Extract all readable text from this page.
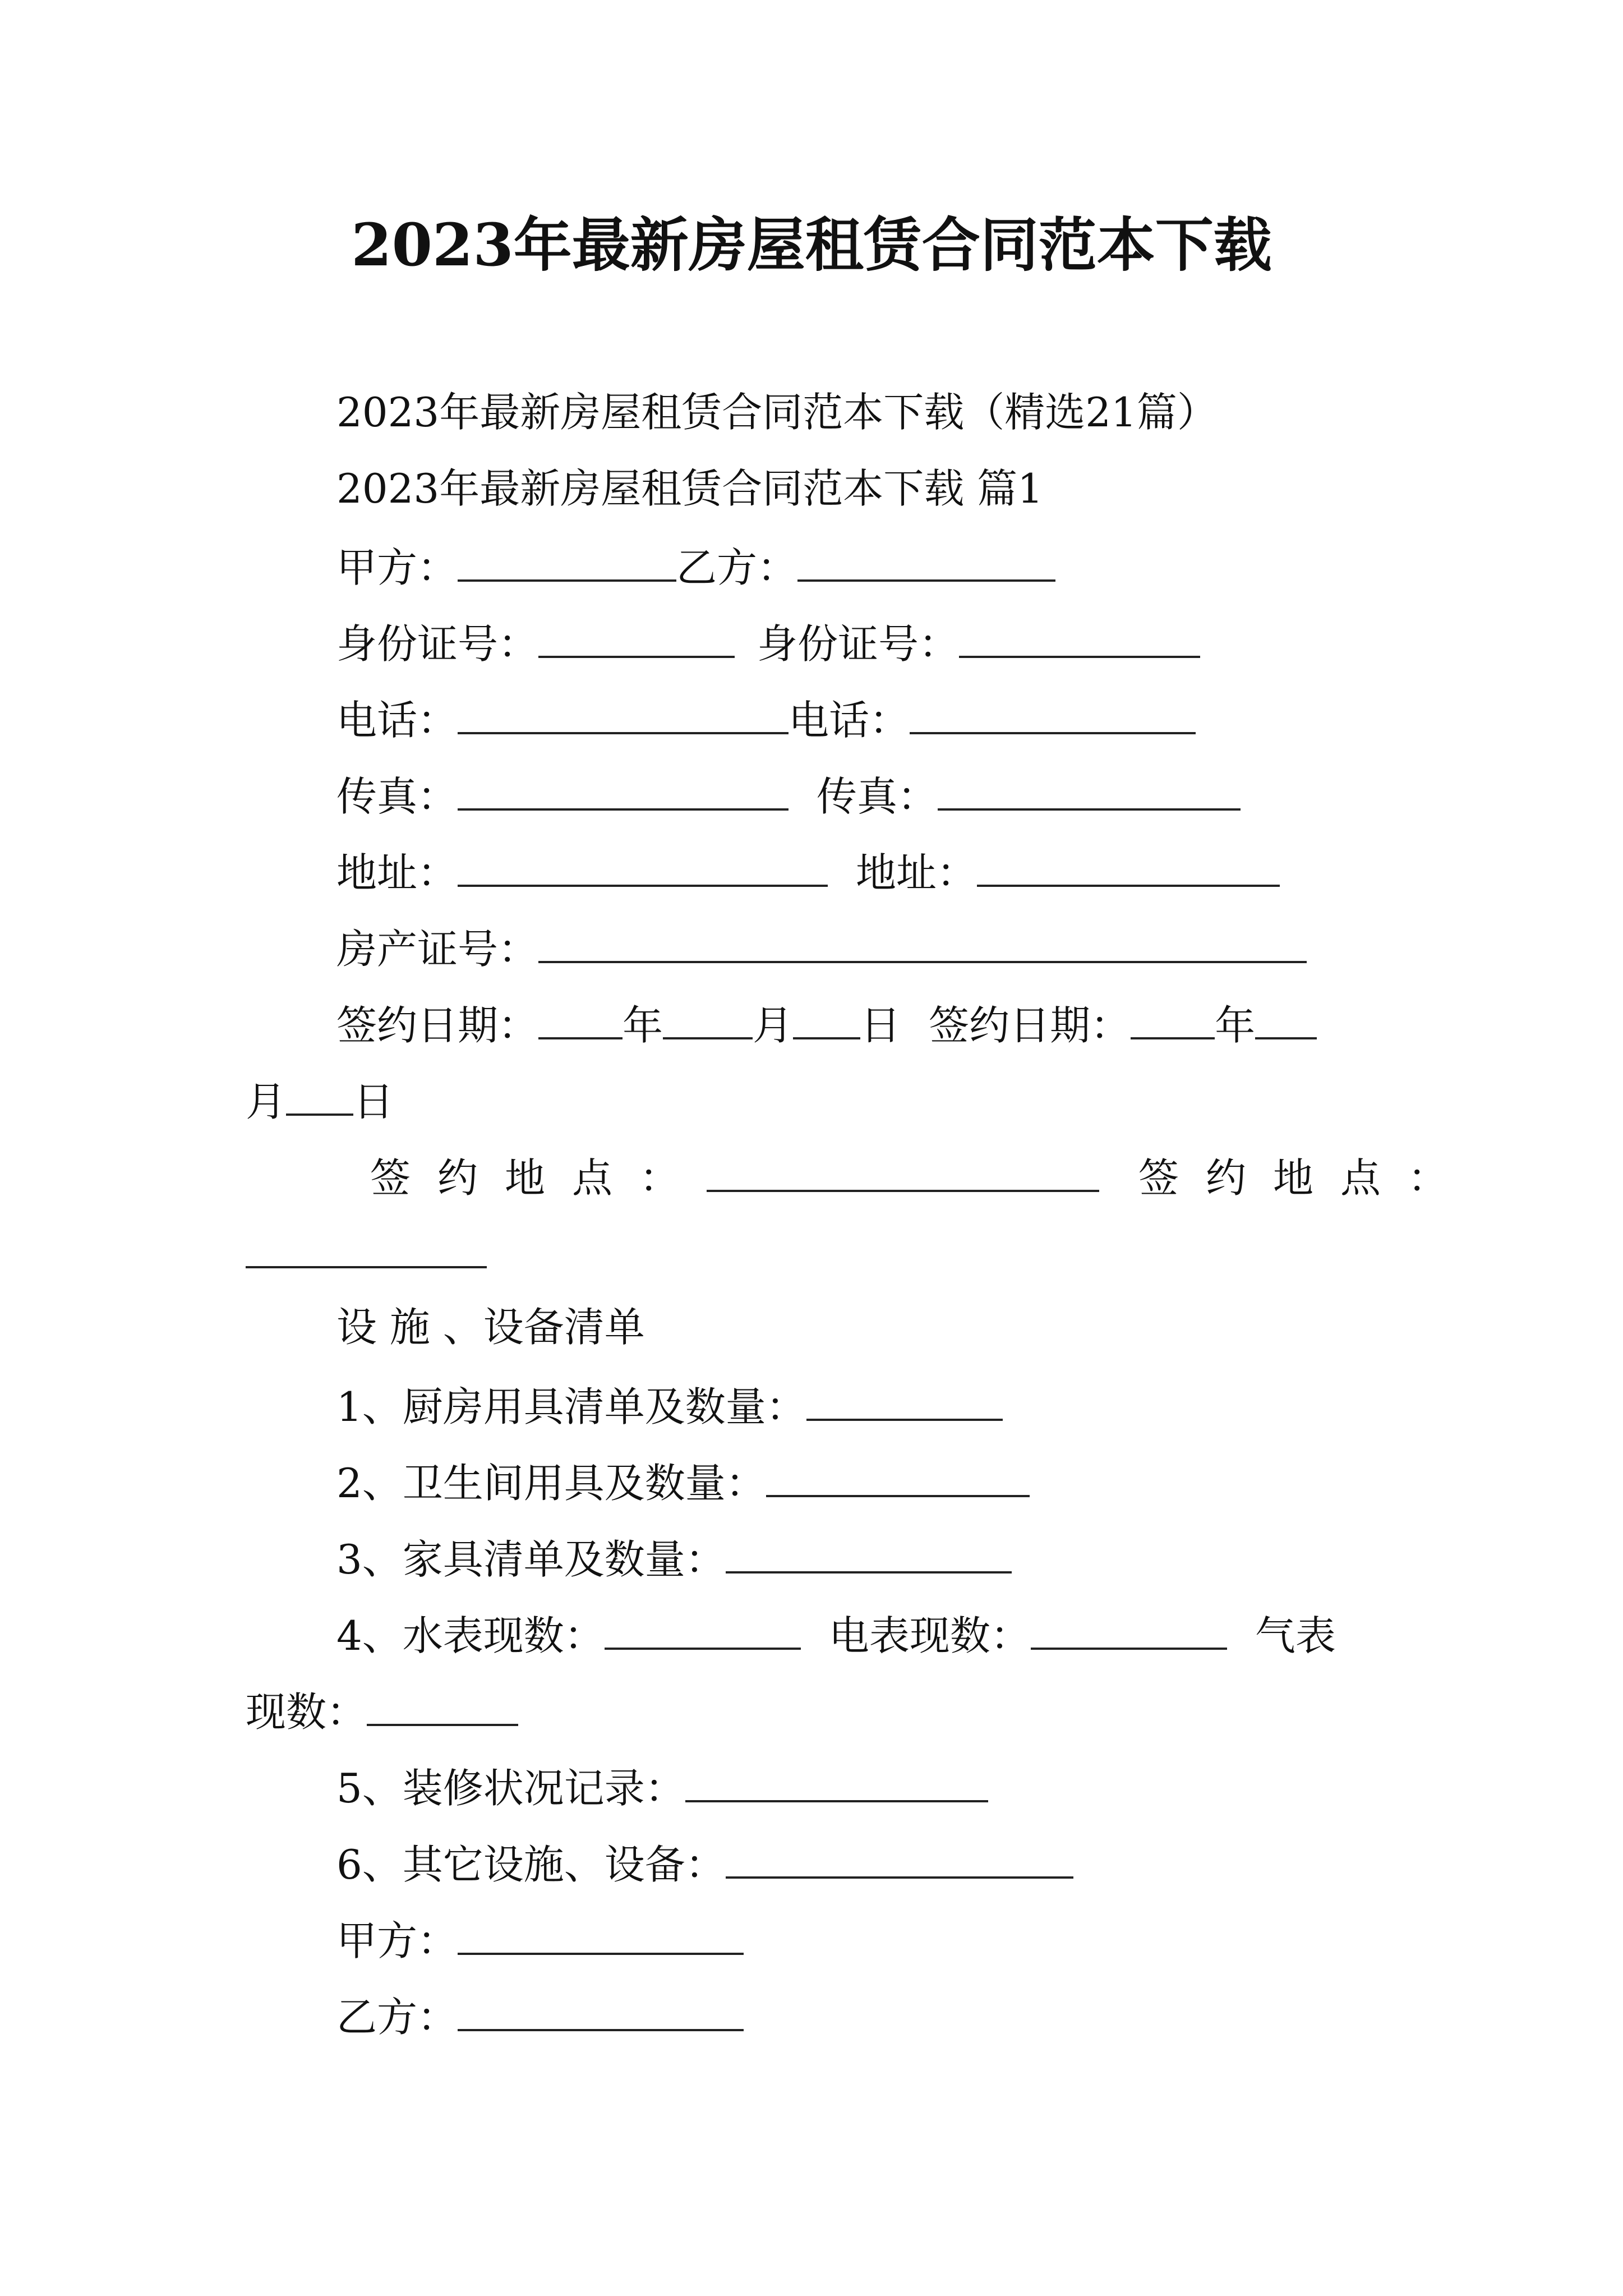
2023年最新房屋租赁合同范本下载
2023年最新房屋租赁合同范本下载（精选21篇）
2023年最新房屋租赁合同范本下载 篇1
甲方：	乙方：
身份证号：	身份证号：
电话：	电话：
传真：	传真：
地址：	地址：
房产证号：
签约日期： 年 月 日 签约日期： 年
月 日
签约地点：	签约地点：
设 施 、设备清单
1、厨房用具清单及数量：
2、卫生间用具及数量：
3、家具清单及数量：
4、水表现数：	电表现数：	气表
现数：
5、装修状况记录：
6、其它设施、设备：
甲方：
乙方：
